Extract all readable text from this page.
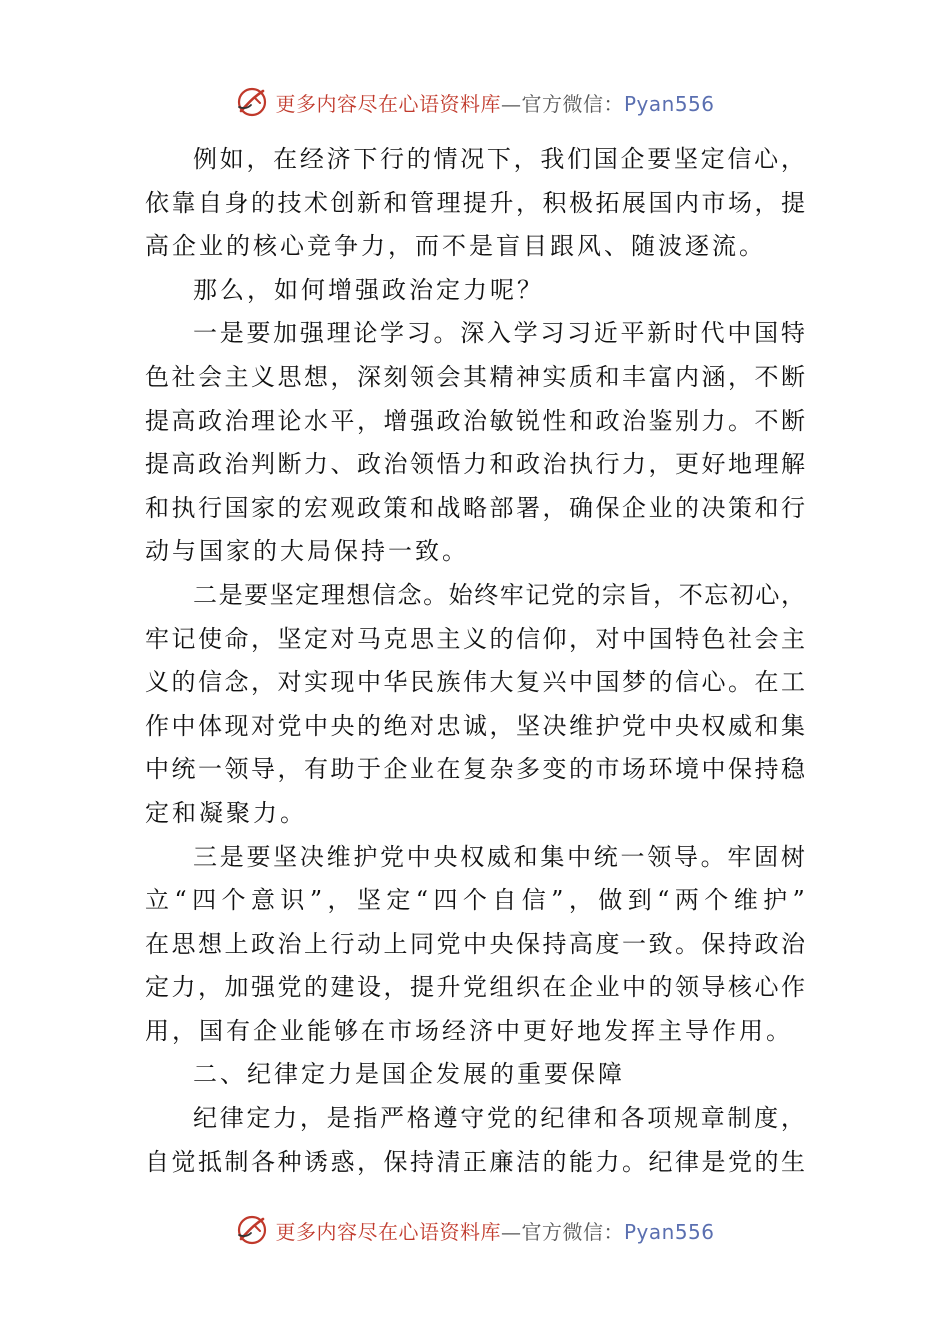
更多内容尽在心语资料库—官方微信：Pyan556
例 如 ， 在 经 济 下 行 的 情 况 下 ， 我 们 国 企 要 坚 定 信 心 ，
依 靠 自 身 的 技 术 创 新 和 管 理 提 升 ， 积 极 拓 展 国 内 市 场 ， 提
高企业的核心竞争力，而不是盲目跟风、随波逐流。
那么，如何增强政治定力呢？
一 是 要 加 强 理 论 学 习 。 深 入 学 习 习 近 平 新 时 代 中 国 特
色 社 会 主 义 思 想 ， 深 刻 领 会 其 精 神 实 质 和 丰 富 内 涵 ， 不 断
提 高 政 治 理 论 水 平 ， 增 强 政 治 敏 锐 性 和 政 治 鉴 别 力 。 不 断
提 高 政 治 判 断 力 、 政 治 领 悟 力 和 政 治 执 行 力 ， 更 好 地 理 解
和 执 行 国 家 的 宏 观 政 策 和 战 略 部 署 ， 确 保 企 业 的 决 策 和 行
动与国家的大局保持一致。
二 是 要 坚 定 理 想 信 念 。 始 终 牢 记 党 的 宗 旨 ， 不 忘 初 心 ，
牢 记 使 命 ， 坚 定 对 马 克 思 主 义 的 信 仰 ， 对 中 国 特 色 社 会 主
义 的 信 念 ， 对 实 现 中 华 民 族 伟 大 复 兴 中 国 梦 的 信 心 。 在 工
作 中 体 现 对 党 中 央 的 绝 对 忠 诚 ， 坚 决 维 护 党 中 央 权 威 和 集
中 统 一 领 导 ， 有 助 于 企 业 在 复 杂 多 变 的 市 场 环 境 中 保 持 稳
定和凝聚力。
三 是 要 坚 决 维 护 党 中 央 权 威 和 集 中 统 一 领 导 。 牢 固 树
立 “ 四 个 意 识 ” ， 坚 定 “ 四 个 自 信 ” ， 做 到 “ 两 个 维 护 ”
在 思 想 上 政 治 上 行 动 上 同 党 中 央 保 持 高 度 一 致 。 保 持 政 治
定 力 ， 加 强 党 的 建 设 ， 提 升 党 组 织 在 企 业 中 的 领 导 核 心 作
用，国有企业能够在市场经济中更好地发挥主导作用。
二、纪律定力是国企发展的重要保障
纪 律 定 力 ， 是 指 严 格 遵 守 党 的 纪 律 和 各 项 规 章 制 度 ，
自 觉 抵 制 各 种 诱 惑 ， 保 持 清 正 廉 洁 的 能 力 。 纪 律 是 党 的 生
更多内容尽在心语资料库—官方微信：Pyan556
